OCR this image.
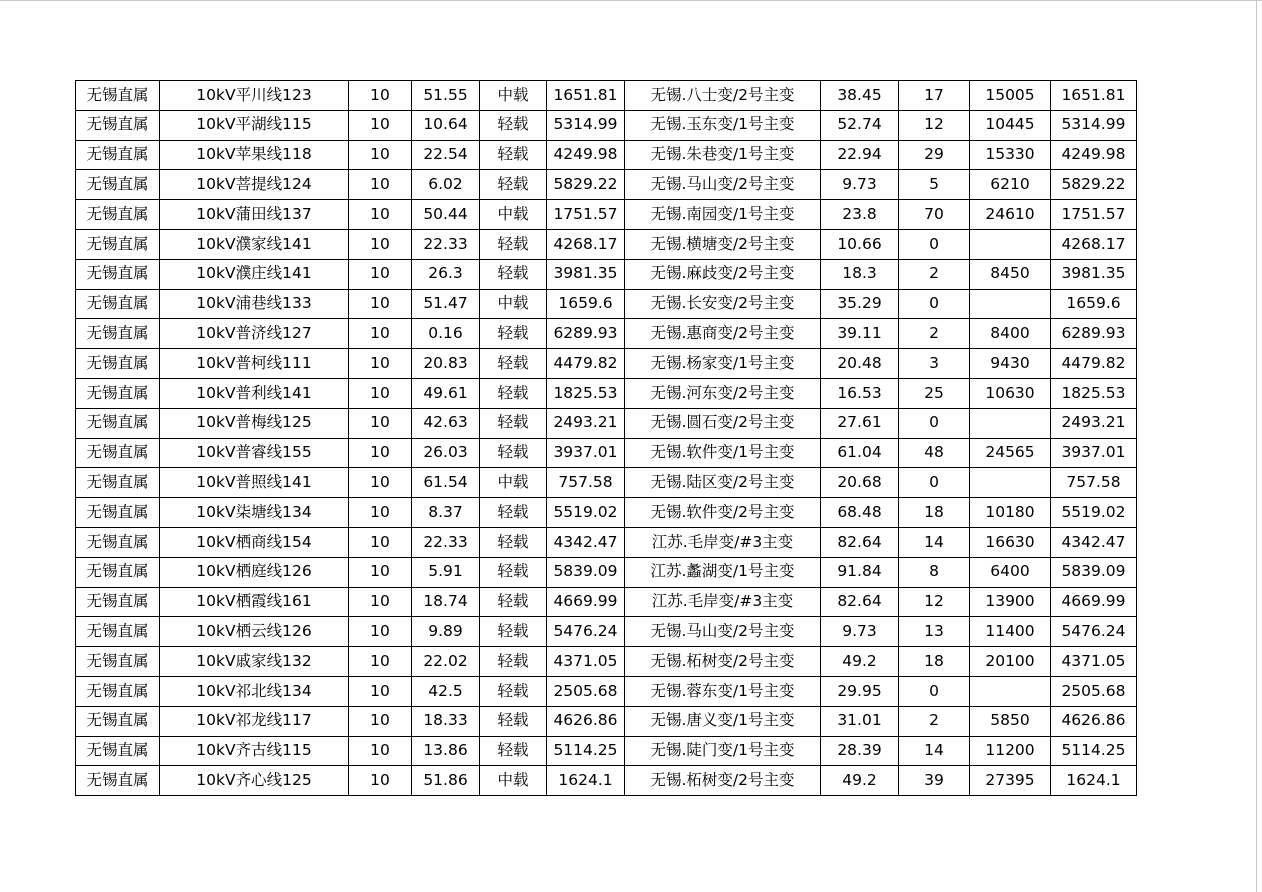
无锡直属	10kV平川线123	10	51.55	中载	1651.81	无锡.八士变/2号主变	38.45	17	15005	1651.81
无锡直属	10kV平湖线115	10	10.64	轻载	5314.99	无锡.玉东变/1号主变	52.74	12	10445	5314.99
无锡直属	10kV苹果线118	10	22.54	轻载	4249.98	无锡.朱巷变/1号主变	22.94	29	15330	4249.98
无锡直属	10kV菩提线124	10	6.02	轻载	5829.22	无锡.马山变/2号主变	9.73	5	6210	5829.22
无锡直属	10kV蒲田线137	10	50.44	中载	1751.57	无锡.南园变/1号主变	23.8	70	24610	1751.57
无锡直属	10kV濮家线141	10	22.33	轻载	4268.17	无锡.横塘变/2号主变	10.66	0		4268.17
无锡直属	10kV濮庄线141	10	26.3	轻载	3981.35	无锡.麻歧变/2号主变	18.3	2	8450	3981.35
无锡直属	10kV浦巷线133	10	51.47	中载	1659.6	无锡.长安变/2号主变	35.29	0		1659.6
无锡直属	10kV普济线127	10	0.16	轻载	6289.93	无锡.惠商变/2号主变	39.11	2	8400	6289.93
无锡直属	10kV普柯线111	10	20.83	轻载	4479.82	无锡.杨家变/1号主变	20.48	3	9430	4479.82
无锡直属	10kV普利线141	10	49.61	轻载	1825.53	无锡.河东变/2号主变	16.53	25	10630	1825.53
无锡直属	10kV普梅线125	10	42.63	轻载	2493.21	无锡.圆石变/2号主变	27.61	0		2493.21
无锡直属	10kV普睿线155	10	26.03	轻载	3937.01	无锡.软件变/1号主变	61.04	48	24565	3937.01
无锡直属	10kV普照线141	10	61.54	中载	757.58	无锡.陆区变/2号主变	20.68	0		757.58
无锡直属	10kV柒塘线134	10	8.37	轻载	5519.02	无锡.软件变/2号主变	68.48	18	10180	5519.02
无锡直属	10kV栖商线154	10	22.33	轻载	4342.47	江苏.毛岸变/#3主变	82.64	14	16630	4342.47
无锡直属	10kV栖庭线126	10	5.91	轻载	5839.09	江苏.蠡湖变/1号主变	91.84	8	6400	5839.09
无锡直属	10kV栖霞线161	10	18.74	轻载	4669.99	江苏.毛岸变/#3主变	82.64	12	13900	4669.99
无锡直属	10kV栖云线126	10	9.89	轻载	5476.24	无锡.马山变/2号主变	9.73	13	11400	5476.24
无锡直属	10kV戚家线132	10	22.02	轻载	4371.05	无锡.柘树变/2号主变	49.2	18	20100	4371.05
无锡直属	10kV祁北线134	10	42.5	轻载	2505.68	无锡.蓉东变/1号主变	29.95	0		2505.68
无锡直属	10kV祁龙线117	10	18.33	轻载	4626.86	无锡.唐义变/1号主变	31.01	2	5850	4626.86
无锡直属	10kV齐古线115	10	13.86	轻载	5114.25	无锡.陡门变/1号主变	28.39	14	11200	5114.25
无锡直属	10kV齐心线125	10	51.86	中载	1624.1	无锡.柘树变/2号主变	49.2	39	27395	1624.1
